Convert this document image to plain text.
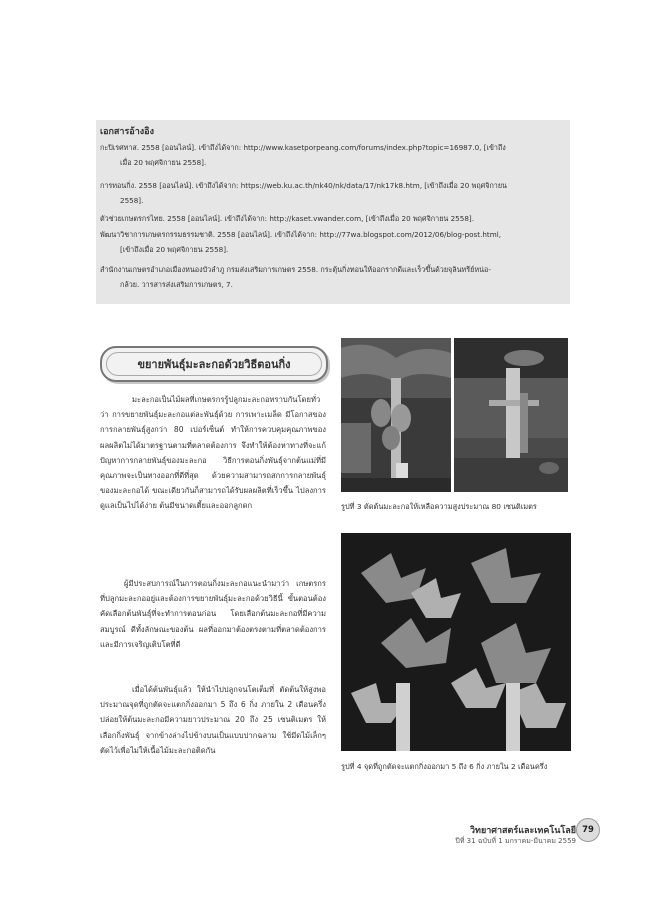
เอกสารอ้างอิง

กะปิเรศทาส. 2558 [ออนไลน์]. เข้าถึงได้จาก: http://www.kasetporpeang.com/forums/index.php?topic=16987.0, [เข้าถึง
เมื่อ 20 พฤศจิกายน 2558].

การทอนกิ่ง. 2558 [ออนไลน์]. เข้าถึงได้จาก: https://web.ku.ac.th/nk40/nk/data/17/nk17k8.htm, [เข้าถึงเมื่อ 20 พฤศจิกายน
2558].

ตัวช่วยเกษตรกรไทย. 2558 [ออนไลน์]. เข้าถึงได้จาก: http://kaset.vwander.com, [เข้าถึงเมื่อ 20 พฤศจิกายน 2558].

พัฒนาวิชาการเกษตรกรรมธรรมชาติ. 2558 [ออนไลน์]. เข้าถึงได้จาก: http://77wa.blogspot.com/2012/06/blog-post.html,
[เข้าถึงเมื่อ 20 พฤศจิกายน 2558].

สำนักงานเกษตรอำเภอเมืองหนองบัวลำภู กรมส่งเสริมการเกษตร 2558. กระตุ้นกิ่งทอนให้ออกรากดีและเร็วขึ้นด้วยจุลินทรีย์หน่อ-
กล้วย. วารสารส่งเสริมการเกษตร, 7.

ขยายพันธุ์มะละกอด้วยวิธีตอนกิ่ง

มะละกอเป็นไม้ผลที่เกษตรกรรู้ปลูกมะละกอทราบกันโดยทั่วว่า การขยายพันธุ์มะละกอแต่ละพันธุ์ด้วย การเพาะเมล็ด มีโอกาสของการกลายพันธุ์สูงกว่า 80 เปอร์เซ็นต์ ทำให้การควบคุมคุณภาพของผลผลิตไม่ได้มาตรฐานตามที่ตลาดต้องการ จึงทำให้ต้องหาทางที่จะแก้ปัญหาการกลายพันธุ์ของมะละกอ วิธีการตอนกิ่งพันธุ์จากต้นแม่ที่มีคุณภาพจะเป็นทางออกที่ดีที่สุด ด้วยความสามารถสกการกลายพันธุ์ของมะละกอได้ ขณะเดียวกันก็สามารถได้รับผลผลิตที่เร็วขึ้น ไปลงการดูแลเป็นไปได้ง่าย ต้นมีขนาดเตี้ยและออกลูกดก

ผู้มีประสบการณ์ในการตอนกิ่งมะละกอแนะนำมาว่า เกษตรกรที่ปลูกมะละกออยู่และต้องการขยายพันธุ์มะละกอด้วยวิธีนี้ ขั้นตอนต้องคัดเลือกต้นพันธุ์ที่จะทำการตอนก่อน โดยเลือกต้นมะละกอที่มีความสมบูรณ์ ดีทั้งลักษณะของต้น ผลที่ออกมาต้องตรงตามที่ตลาดต้องการและมีการเจริญเติบโตที่ดี

เมื่อได้ต้นพันธุ์แล้ว ให้นำไปปลูกจนโตเต็มที่ ตัดต้นให้สูงพอประมาณจุดที่ถูกตัดจะแตกกิ่งออกมา 5 ถึง 6 กิ่ง ภายใน 2 เดือนครึ่ง ปล่อยให้ต้นมะละกอมีความยาวประมาณ 20 ถึง 25 เซนติเมตร ให้เลือกกิ่งพันธุ์ จากข้างล่างไปข้างบนเป็นแบบปากฉลาม ใช้มีดไม้เล็กๆ ตัดไว้เพื่อไม่ให้เนื้อไม้มะละกอติดกัน

รูปที่ 3 ตัดต้นมะละกอให้เหลือความสูงประมาณ 80 เซนติเมตร

รูปที่ 4 จุดที่ถูกตัดจะแตกกิ่งออกมา 5 ถึง 6 กิ่ง ภายใน 2 เดือนครึ่ง

วิทยาศาสตร์และเทคโนโลยี
ปีที่ 31 ฉบับที่ 1 มกราคม-มีนาคม 2559
79
